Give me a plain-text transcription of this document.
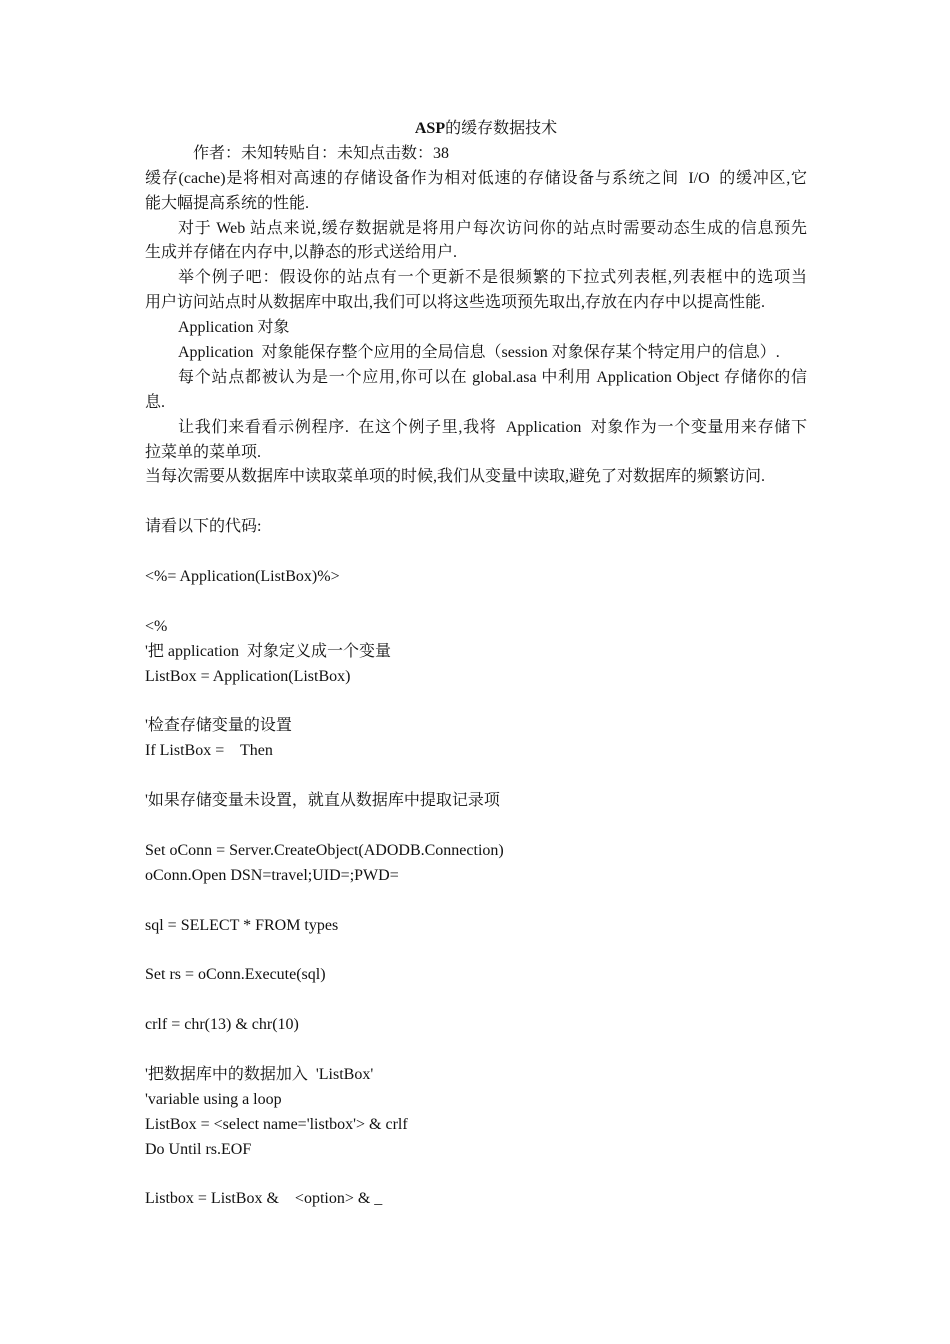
ASP的缓存数据技术
作者：未知转贴自：未知点击数：38
缓存(cache)是将相对高速的存储设备作为相对低速的存储设备与系统之间  I/O  的缓冲区,它
能大幅提高系统的性能.
对于 Web 站点来说,缓存数据就是将用户每次访问你的站点时需要动态生成的信息预先
生成并存储在内存中,以静态的形式送给用户.
举个例子吧：假设你的站点有一个更新不是很频繁的下拉式列表框,列表框中的选项当
用户访问站点时从数据库中取出,我们可以将这些选项预先取出,存放在内存中以提高性能.
Application 对象
Application  对象能保存整个应用的全局信息（session 对象保存某个特定用户的信息）.
每个站点都被认为是一个应用,你可以在 global.asa 中利用 Application Object 存储你的信
息.
让我们来看看示例程序.  在这个例子里,我将  Application  对象作为一个变量用来存储下
拉菜单的菜单项.
当每次需要从数据库中读取菜单项的时候,我们从变量中读取,避免了对数据库的频繁访问.
请看以下的代码:
<%= Application(ListBox)%>
<%
'把 application  对象定义成一个变量
ListBox = Application(ListBox)
'检查存储变量的设置
If ListBox =    Then
'如果存储变量未设置，就直从数据库中提取记录项
Set oConn = Server.CreateObject(ADODB.Connection)
oConn.Open DSN=travel;UID=;PWD=
sql = SELECT * FROM types
Set rs = oConn.Execute(sql)
crlf = chr(13) & chr(10)
'把数据库中的数据加入  'ListBox'
'variable using a loop
ListBox = <select name='listbox'> & crlf
Do Until rs.EOF
Listbox = ListBox &    <option> & _
